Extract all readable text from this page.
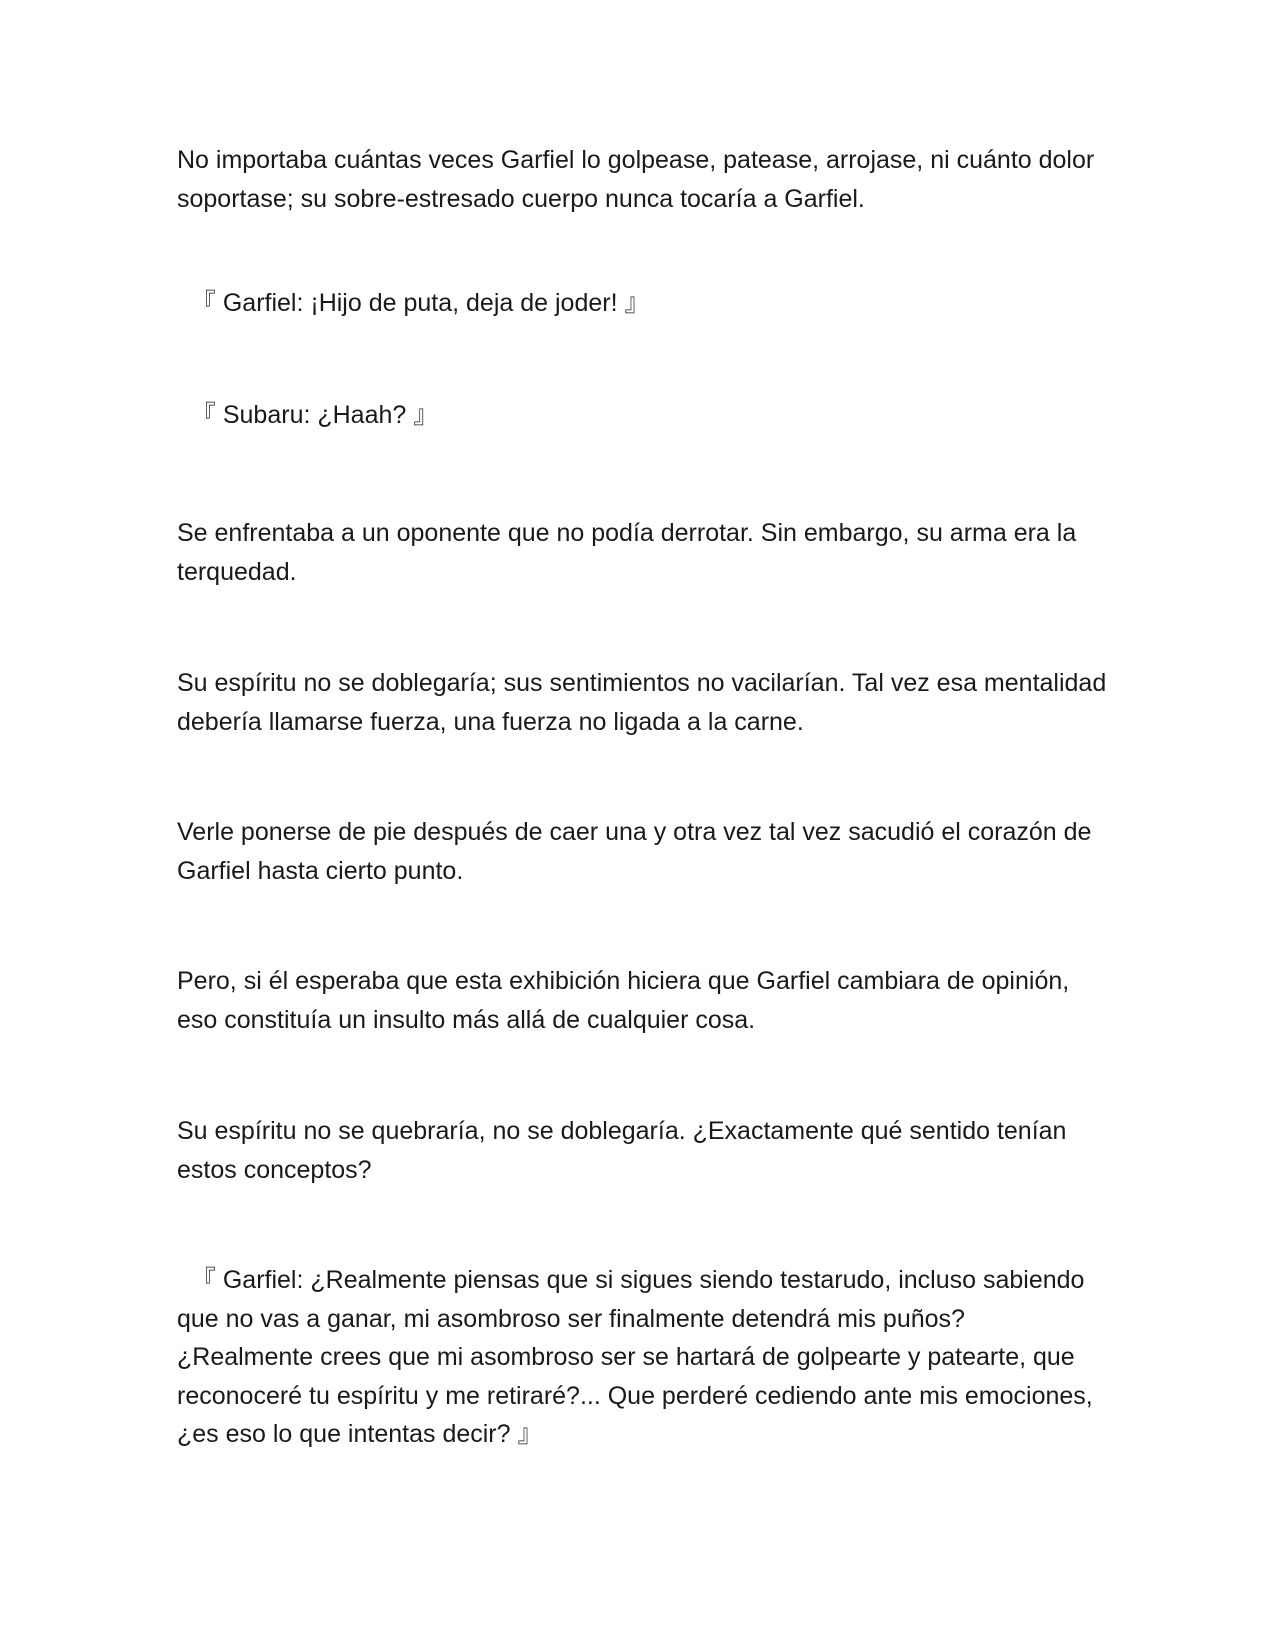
No importaba cuántas veces Garfiel lo golpease, patease, arrojase, ni cuánto dolor soportase; su sobre-estresado cuerpo nunca tocaría a Garfiel.

『 Garfiel: ¡Hijo de puta, deja de joder! 』

『 Subaru: ¿Haah? 』

Se enfrentaba a un oponente que no podía derrotar. Sin embargo, su arma era la terquedad.

Su espíritu no se doblegaría; sus sentimientos no vacilarían. Tal vez esa mentalidad debería llamarse fuerza, una fuerza no ligada a la carne.

Verle ponerse de pie después de caer una y otra vez tal vez sacudió el corazón de Garfiel hasta cierto punto.

Pero, si él esperaba que esta exhibición hiciera que Garfiel cambiara de opinión, eso constituía un insulto más allá de cualquier cosa.

Su espíritu no se quebraría, no se doblegaría. ¿Exactamente qué sentido tenían estos conceptos?

『 Garfiel: ¿Realmente piensas que si sigues siendo testarudo, incluso sabiendo que no vas a ganar, mi asombroso ser finalmente detendrá mis puños? ¿Realmente crees que mi asombroso ser se hartará de golpearte y patearte, que reconoceré tu espíritu y me retiraré?... Que perderé cediendo ante mis emociones, ¿es eso lo que intentas decir? 』
